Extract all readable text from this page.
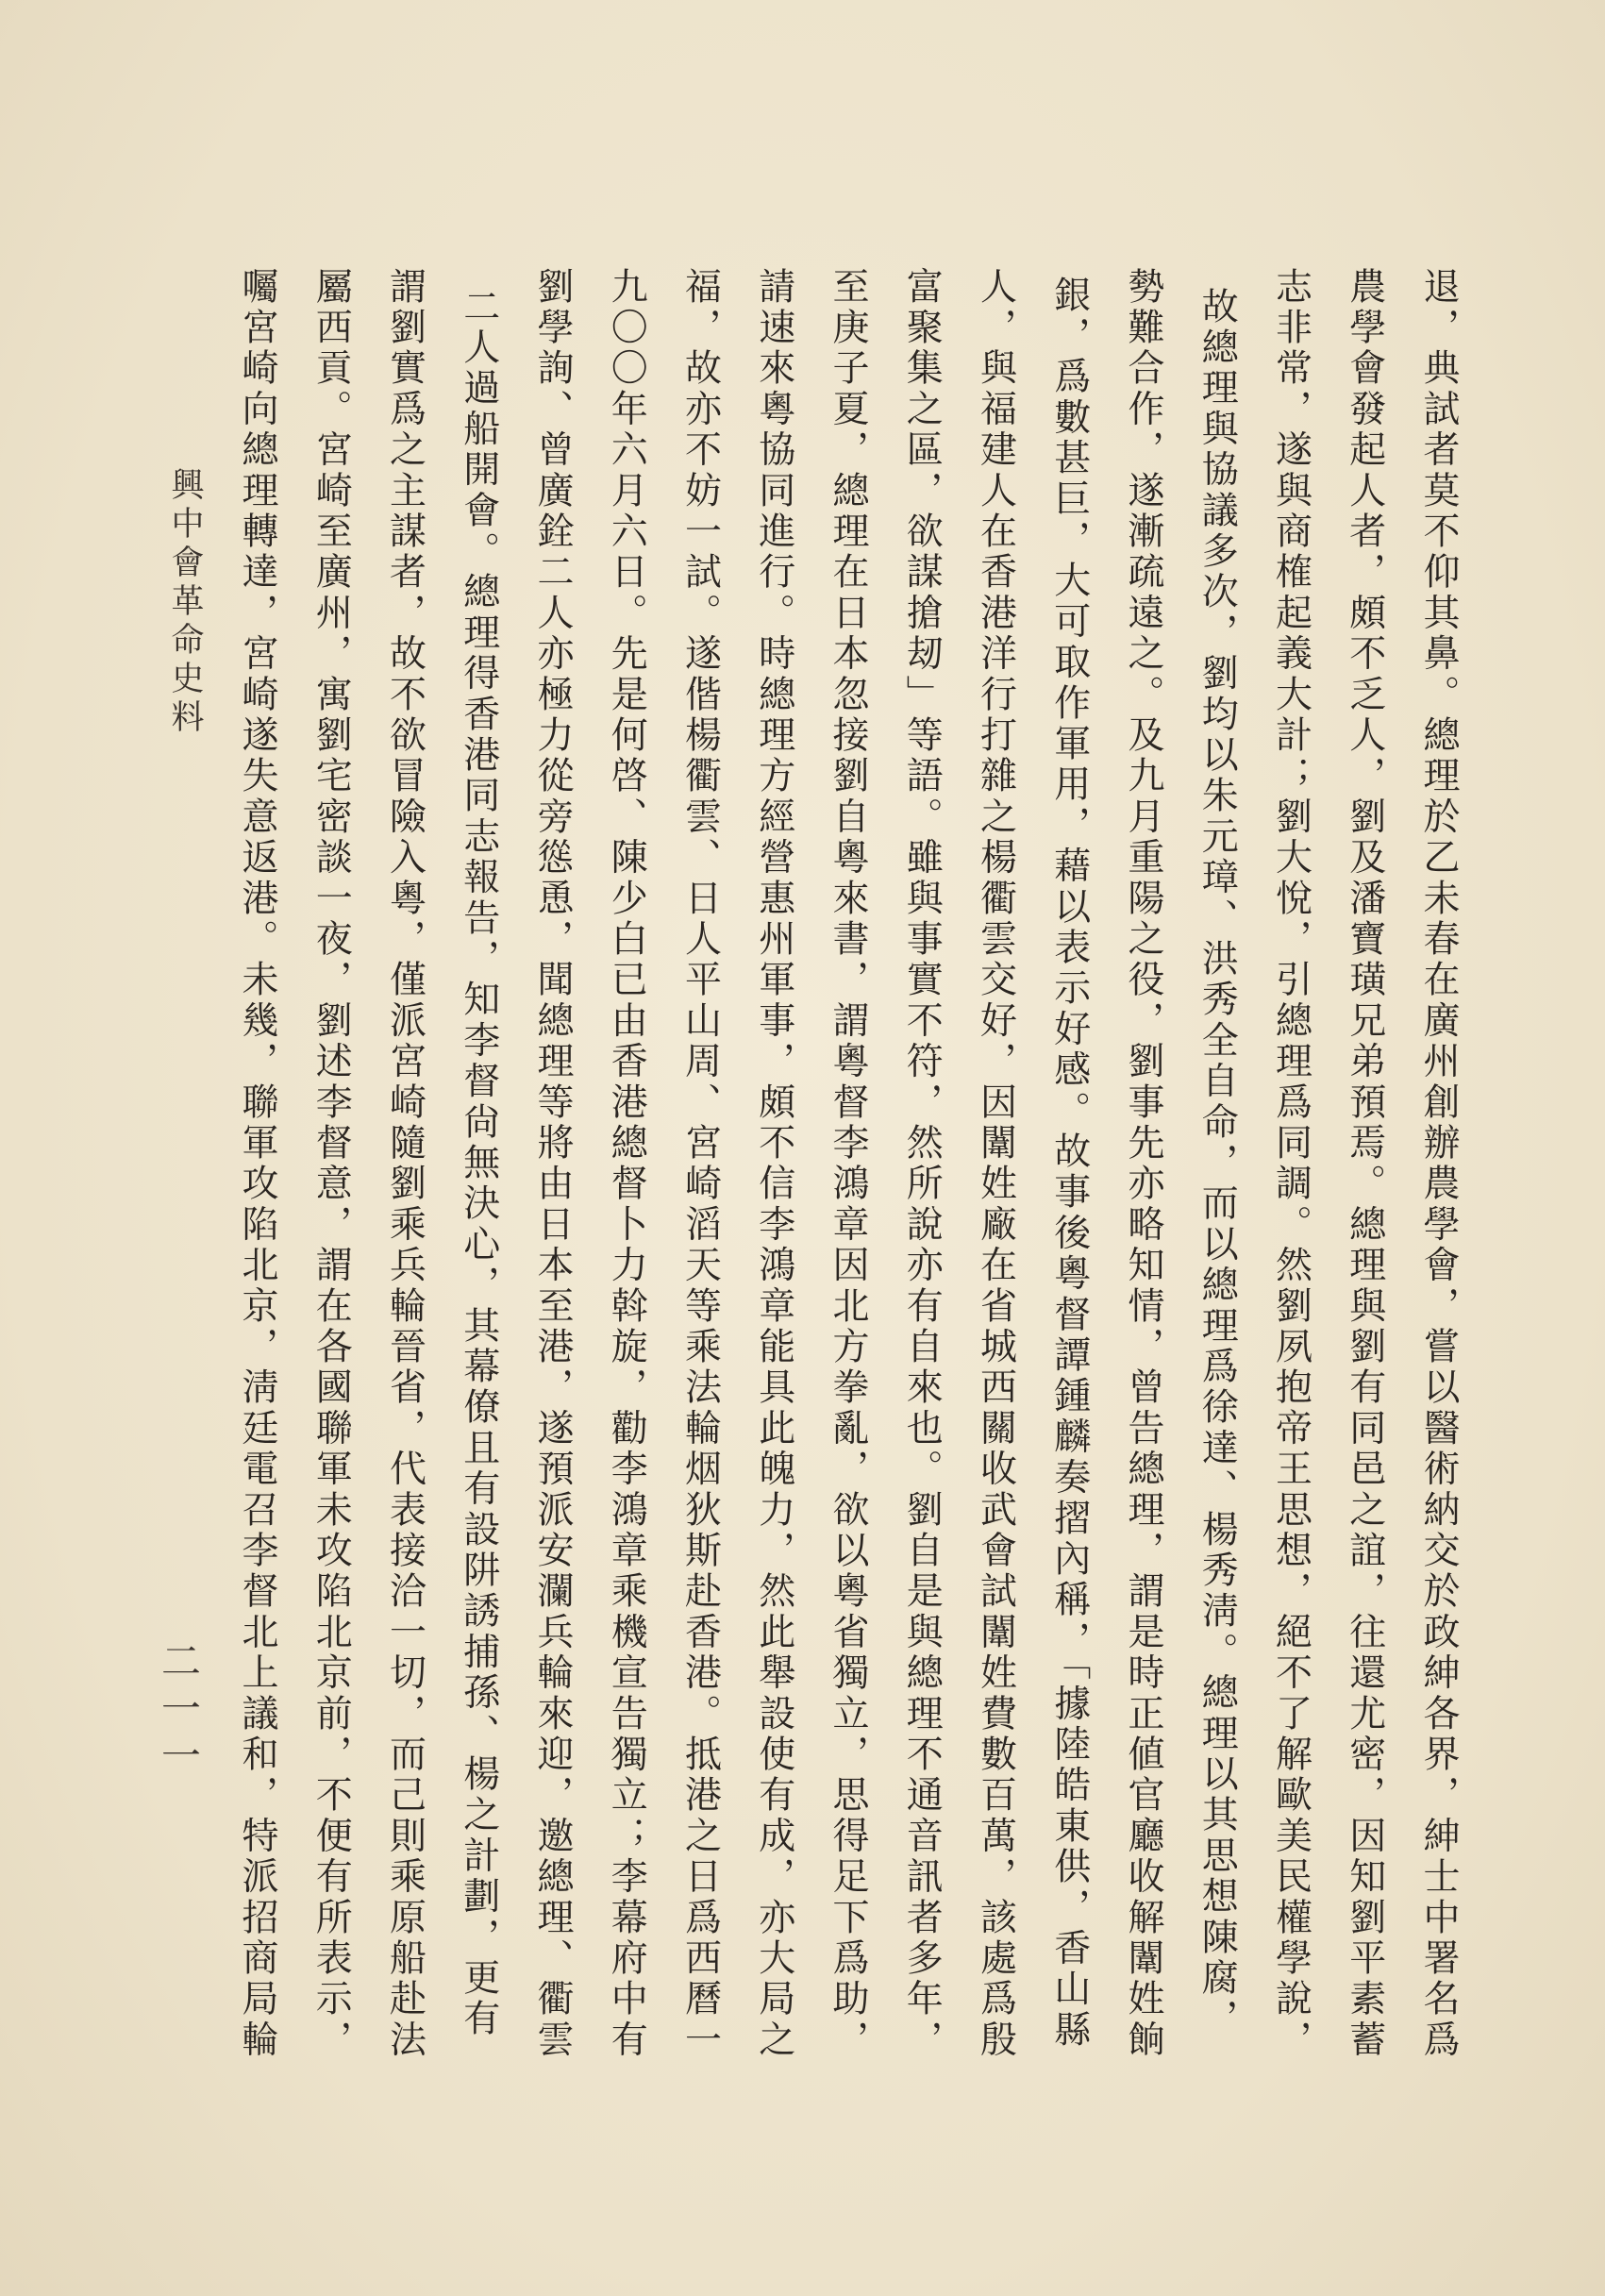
退，典試者莫不仰其鼻。總理於乙未春在廣州創辦農學會，嘗以醫術納交於政紳各界，紳士中署名爲
農學會發起人者，頗不乏人，劉及潘寶璜兄弟預焉。總理與劉有同邑之誼，往還尤密，因知劉平素蓄
志非常，遂與商榷起義大計；劉大悅，引總理爲同調。然劉夙抱帝王思想，絕不了解歐美民權學說，
故總理與協議多次，劉均以朱元璋、洪秀全自命，而以總理爲徐達、楊秀淸。總理以其思想陳腐，
勢難合作，遂漸疏遠之。及九月重陽之役，劉事先亦略知情，曾告總理，謂是時正値官廳收解闈姓餉
銀，爲數甚巨，大可取作軍用，藉以表示好感。故事後粵督譚鍾麟奏摺內稱，「據陸皓東供，香山縣
人，與福建人在香港洋行打雜之楊衢雲交好，因闈姓廠在省城西關收武會試闈姓費數百萬，該處爲殷
富聚集之區，欲謀搶刼」等語。雖與事實不符，然所說亦有自來也。劉自是與總理不通音訊者多年，
至庚子夏，總理在日本忽接劉自粵來書，謂粵督李鴻章因北方拳亂，欲以粵省獨立，思得足下爲助，
請速來粵協同進行。時總理方經營惠州軍事，頗不信李鴻章能具此魄力，然此舉設使有成，亦大局之
福，故亦不妨一試。遂偕楊衢雲、日人平山周、宮崎滔天等乘法輪烟狄斯赴香港。抵港之日爲西曆一
九〇〇年六月六日。先是何啓、陳少白已由香港總督卜力斡旋，勸李鴻章乘機宣告獨立；李幕府中有
劉學詢、曾廣銓二人亦極力從旁慫恿，聞總理等將由日本至港，遂預派安瀾兵輪來迎，邀總理、衢雲
二人過船開會。總理得香港同志報告，知李督尙無決心，其幕僚且有設阱誘捕孫、楊之計劃，更有
謂劉實爲之主謀者，故不欲冒險入粵，僅派宮崎隨劉乘兵輪晉省，代表接洽一切，而己則乘原船赴法
屬西貢。宮崎至廣州，寓劉宅密談一夜，劉述李督意，謂在各國聯軍未攻陷北京前，不便有所表示，
囑宮崎向總理轉達，宮崎遂失意返港。未幾，聯軍攻陷北京，淸廷電召李督北上議和，特派招商局輪
興中會革命史料
二一一
